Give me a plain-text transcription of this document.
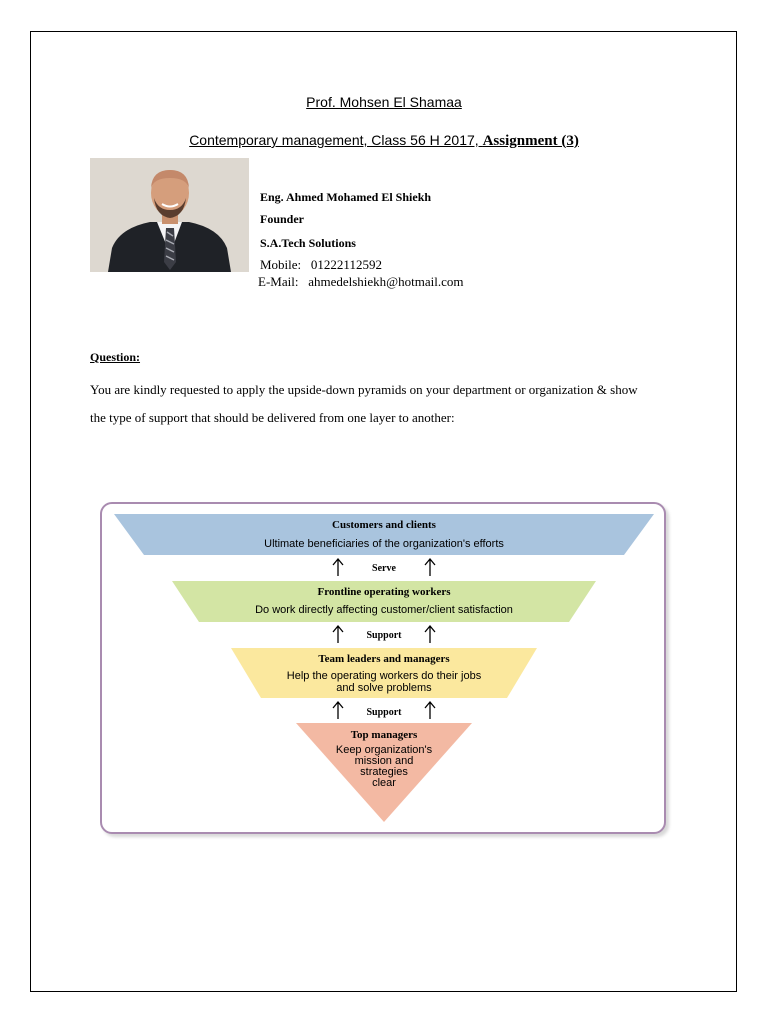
Prof. Mohsen El Shamaa
Contemporary management, Class 56 H 2017, Assignment (3)
Eng. Ahmed Mohamed El Shiekh
Founder
S.A.Tech Solutions
Mobile: 01222112592
E-Mail: ahmedelshiekh@hotmail.com
Question:
You are kindly requested to apply the upside-down pyramids on your department or organization & show
the type of support that should be delivered from one layer to another:
Customers and clients
Ultimate beneficiaries of the organization's efforts
Frontline operating workers
Do work directly affecting customer/client satisfaction
Team leaders and managers
Help the operating workers do their jobs
and solve problems
Top managers
Keep organization's
mission and
strategies
clear
Serve
Support
Support
